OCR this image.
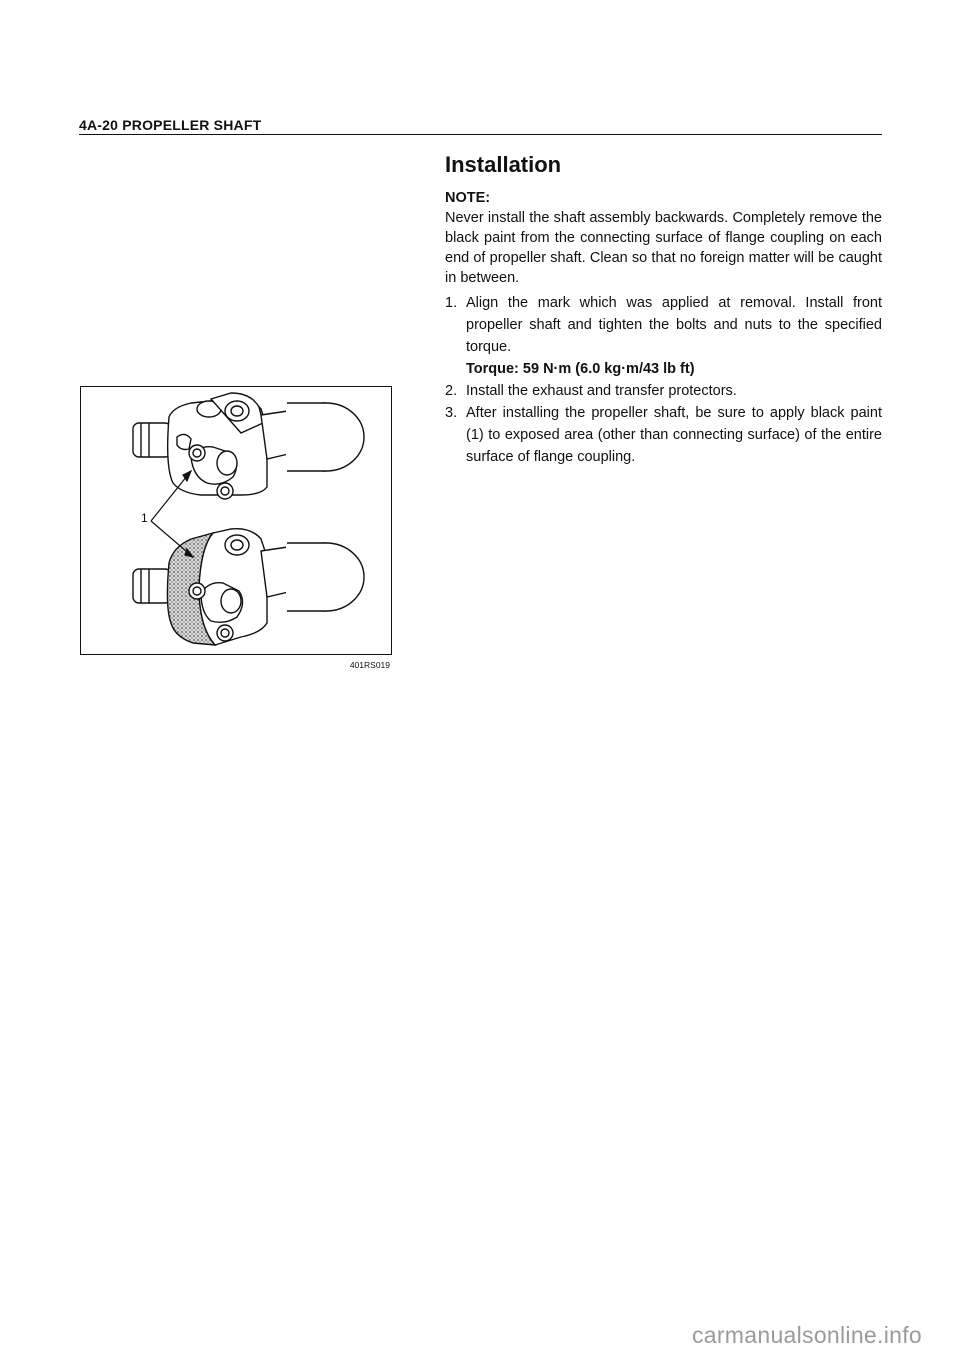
4A-20 PROPELLER SHAFT
Installation
NOTE:
Never install the shaft assembly backwards. Completely remove the black paint from the connecting surface of flange coupling on each end of propeller shaft. Clean so that no foreign matter will be caught in between.
1. Align the mark which was applied at removal. Install front propeller shaft and tighten the bolts and nuts to the specified torque.
Torque: 59 N·m (6.0 kg·m/43 lb ft)
2. Install the exhaust and transfer protectors.
3. After installing the propeller shaft, be sure to apply black paint (1) to exposed area (other than connecting surface) of the entire surface of flange coupling.
1
401RS019
carmanualsonline.info
